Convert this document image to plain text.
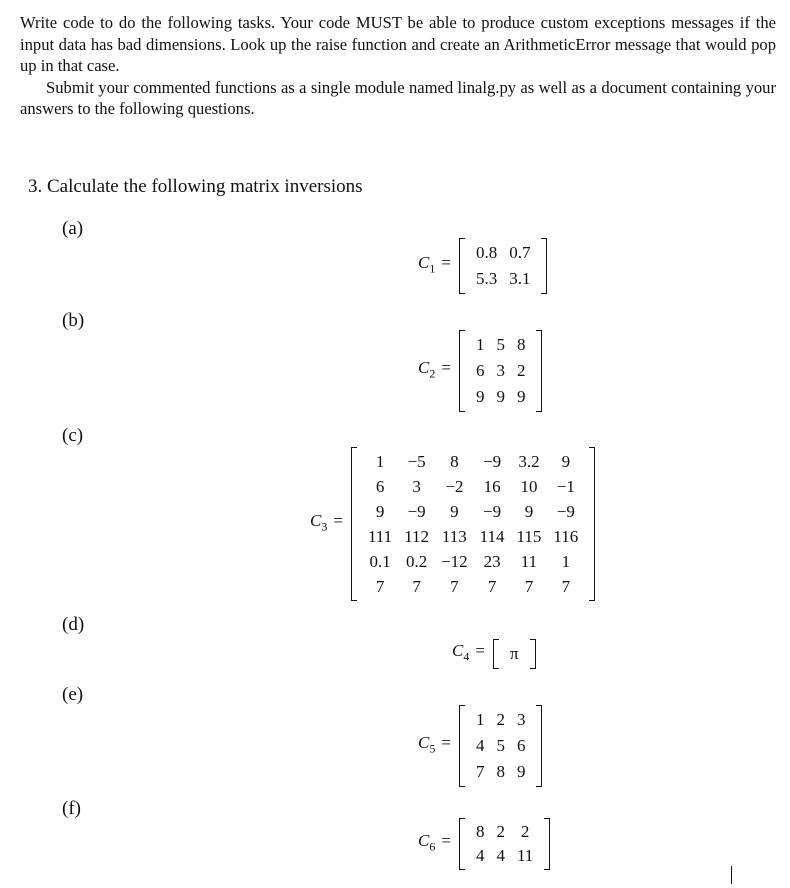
Write code to do the following tasks. Your code MUST be able to produce custom exceptions messages if the input data has bad dimensions. Look up the raise function and create an ArithmeticError message that would pop up in that case.

Submit your commented functions as a single module named linalg.py as well as a document containing your answers to the following questions.

3. Calculate the following matrix inversions
(a)
(b)
(c)
(d)
(e)
(f)
$C_1$ =
0.8	0.7
5.3	3.1
$C_2$ =
1	5	8
6	3	2
9	9	9
$C_3$ =
1	−5	8	−9	3.2	9
6	3	−2	16	10	−1
9	−9	9	−9	9	−9
111	112	113	114	115	116
0.1	0.2	−12	23	11	1
7	7	7	7	7	7
$C_4 = \pi$
$C_5$ =
1	2	3
4	5	6
7	8	9
$C_6 = 8$	2	2
4	4	11
